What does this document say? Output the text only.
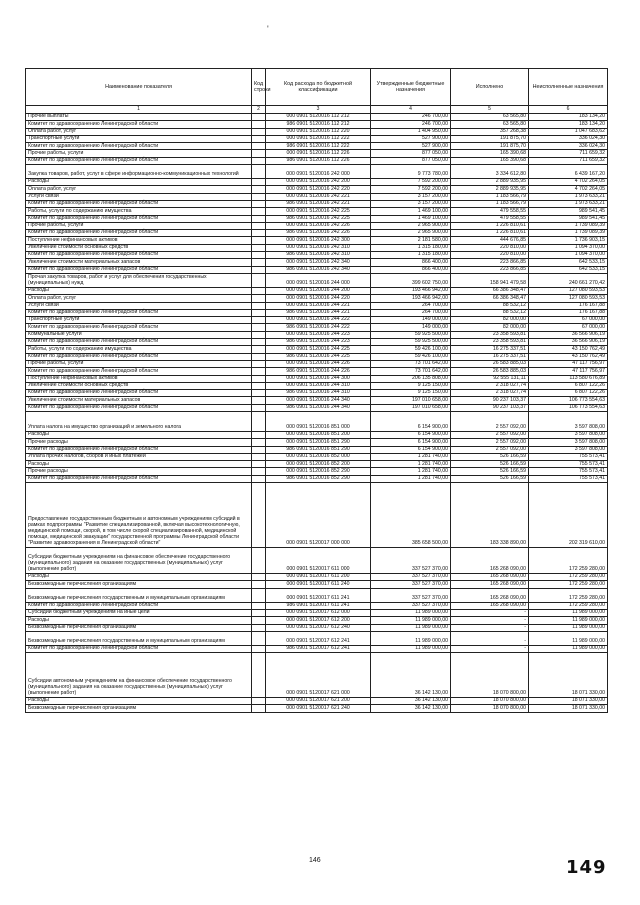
'
Наименование показателя	Код строки	Код расхода по бюджетной классификации	Утвержденные бюджетные назначения	Исполнено	Неисполненные назначения
1	2	3	4	5	6
Прочие выплаты		000 0901 5120016 112 212	246 700,00	63 565,80	183 134,20
Комитет по здравоохранению Ленинградской области		986 0901 5120016 112 212	246 700,00	63 565,80	183 134,20
Оплата работ, услуг		000 0901 5120016 112 220	1 404 950,00	357 268,38	1 047 683,62
Транспортные услуги		000 0901 5120016 112 222	527 900,00	191 875,70	336 024,30
Комитет по здравоохранению Ленинградской области		986 0901 5120016 112 222	527 900,00	191 875,70	336 024,30
Прочие работы, услуги		000 0901 5120016 112 226	877 050,00	165 390,68	711 659,32
Комитет по здравоохранению Ленинградской области		986 0901 5120016 112 226	877 050,00	165 390,68	711 659,32
Закупка товаров, работ, услуг в сфере информационно-коммуникационных технологий		000 0901 5120016 242 000	9 773 780,00	3 334 612,80	6 439 167,20
Расходы		000 0901 5120016 242 200	7 592 200,00	2 889 935,95	4 702 264,05
Оплата работ, услуг		000 0901 5120016 242 220	7 592 200,00	2 889 935,95	4 702 264,05
Услуги связи		000 0901 5120016 242 221	3 157 200,00	1 183 566,79	1 973 633,21
Комитет по здравоохранению Ленинградской области		986 0901 5120016 242 221	3 157 200,00	1 183 566,79	1 973 633,21
Работы, услуги по содержанию имущества		000 0901 5120016 242 225	1 469 100,00	479 558,55	989 541,45
Комитет по здравоохранению Ленинградской области		986 0901 5120016 242 225	1 469 100,00	479 558,55	989 541,45
Прочие работы, услуги		000 0901 5120016 242 226	2 965 900,00	1 226 810,61	1 739 089,39
Комитет по здравоохранению Ленинградской области		986 0901 5120016 242 226	2 965 900,00	1 226 810,61	1 739 089,39
Поступление нефинансовых активов		000 0901 5120016 242 300	2 181 580,00	444 676,85	1 736 903,15
Увеличение стоимости основных средств		000 0901 5120016 242 310	1 315 180,00	220 810,00	1 094 370,00
Комитет по здравоохранению Ленинградской области		986 0901 5120016 242 310	1 315 180,00	220 810,00	1 094 370,00
Увеличение стоимости материальных запасов		000 0901 5120016 242 340	866 400,00	223 866,85	642 533,15
Комитет по здравоохранению Ленинградской области		986 0901 5120016 242 340	866 400,00	223 866,85	642 533,15
Прочая закупка товаров, работ и услуг для обеспечения государственных (муниципальных) нужд		000 0901 5120016 244 000	399 602 750,00	158 941 479,58	240 661 270,42
Расходы		000 0901 5120016 244 200	193 466 942,00	66 386 348,47	127 080 593,53
Оплата работ, услуг		000 0901 5120016 244 220	193 466 942,00	66 386 348,47	127 080 593,53
Услуги связи		000 0901 5120016 244 221	264 700,00	88 532,12	176 167,88
Комитет по здравоохранению Ленинградской области		986 0901 5120016 244 221	264 700,00	88 532,12	176 167,88
Транспортные услуги		000 0901 5120016 244 222	149 000,00	82 000,00	67 000,00
Комитет по здравоохранению Ленинградской области		986 0901 5120016 244 222	149 000,00	82 000,00	67 000,00
Коммунальные услуги		000 0901 5120016 244 223	59 925 500,00	23 358 593,81	36 566 906,19
Комитет по здравоохранению Ленинградской области		986 0901 5120016 244 223	59 925 500,00	23 358 593,81	36 566 906,19
Работы, услуги по содержанию имущества		000 0901 5120016 244 225	59 426 100,00	16 275 337,51	43 150 762,49
Комитет по здравоохранению Ленинградской области		986 0901 5120016 244 225	59 426 100,00	16 275 337,51	43 150 762,49
Прочие работы, услуги		000 0901 5120016 244 226	73 701 642,00	26 583 885,03	47 117 756,97
Комитет по здравоохранению Ленинградской области		986 0901 5120016 244 226	73 701 642,00	26 583 885,03	47 117 756,97
Поступление нефинансовых активов		000 0901 5120016 244 300	206 135 808,00	92 555 131,11	113 580 676,89
Увеличение стоимости основных средств		000 0901 5120016 244 310	9 125 150,00	2 318 027,74	6 807 122,26
Комитет по здравоохранению Ленинградской области		986 0901 5120016 244 310	9 125 150,00	2 318 027,74	6 807 122,26
Увеличение стоимости материальных запасов		000 0901 5120016 244 340	197 010 658,00	90 237 103,37	106 773 554,63
Комитет по здравоохранению Ленинградской области		986 0901 5120016 244 340	197 010 658,00	90 237 103,37	106 773 554,63
Уплата налога на имущество организаций и земельного налога		000 0901 5120016 851 000	6 154 900,00	2 557 092,00	3 597 808,00
Расходы		000 0901 5120016 851 200	6 154 900,00	2 557 092,00	3 597 808,00
Прочие расходы		000 0901 5120016 851 290	6 154 900,00	2 557 092,00	3 597 808,00
Комитет по здравоохранению Ленинградской области		986 0901 5120016 851 290	6 154 900,00	2 557 092,00	3 597 808,00
Уплата прочих налогов, сборов и иных платежей		000 0901 5120016 852 000	1 281 740,00	526 166,59	755 573,41
Расходы		000 0901 5120016 852 200	1 281 740,00	526 166,59	755 573,41
Прочие расходы		000 0901 5120016 852 290	1 281 740,00	526 166,59	755 573,41
Комитет по здравоохранению Ленинградской области		986 0901 5120016 852 290	1 281 740,00	526 166,59	755 573,41
Предоставление государственным бюджетным и автономным учреждениям субсидий в рамках подпрограммы "Развитие специализированной, включая высокотехнологичную, медицинской помощи, скорой, в том числе скорой специализированной, медицинской помощи, медицинской эвакуации" государственной программы Ленинградской области "Развитие здравоохранения в Ленинградской области"		000 0901 5120017 000 000	385 658 500,00	183 338 890,00	202 319 610,00
Субсидии бюджетным учреждениям на финансовое обеспечение государственного (муниципального) задания на оказание государственных (муниципальных) услуг (выполнение работ)		000 0901 5120017 611 000	337 527 370,00	165 268 090,00	172 259 280,00
Расходы		000 0901 5120017 611 200	337 527 370,00	165 268 090,00	172 259 280,00
Безвозмездные перечисления организациям		000 0901 5120017 611 240	337 527 370,00	165 268 090,00	172 259 280,00
Безвозмездные перечисления государственным и муниципальным организациям		000 0901 5120017 611 241	337 527 370,00	165 268 090,00	172 259 280,00
Комитет по здравоохранению Ленинградской области		986 0901 5120017 611 241	337 527 370,00	165 268 090,00	172 259 280,00
Субсидии бюджетным учреждениям на иные цели		000 0901 5120017 612 000	11 989 000,00	-	11 989 000,00
Расходы		000 0901 5120017 612 200	11 989 000,00	-	11 989 000,00
Безвозмездные перечисления организациям		000 0901 5120017 612 240	11 989 000,00	-	11 989 000,00
Безвозмездные перечисления государственным и муниципальным организациям		000 0901 5120017 612 241	11 989 000,00	-	11 989 000,00
Комитет по здравоохранению Ленинградской области		986 0901 5120017 612 241	11 989 000,00	-	11 989 000,00
Субсидии автономным учреждениям на финансовое обеспечение государственного (муниципального) задания на оказание государственных (муниципальных) услуг (выполнение работ)		000 0901 5120017 621 000	36 142 130,00	18 070 800,00	18 071 330,00
Расходы		000 0901 5120017 621 200	36 142 130,00	18 070 800,00	18 071 330,00
Безвозмездные перечисления организациям		000 0901 5120017 621 240	36 142 130,00	18 070 800,00	18 071 330,00
146	149
